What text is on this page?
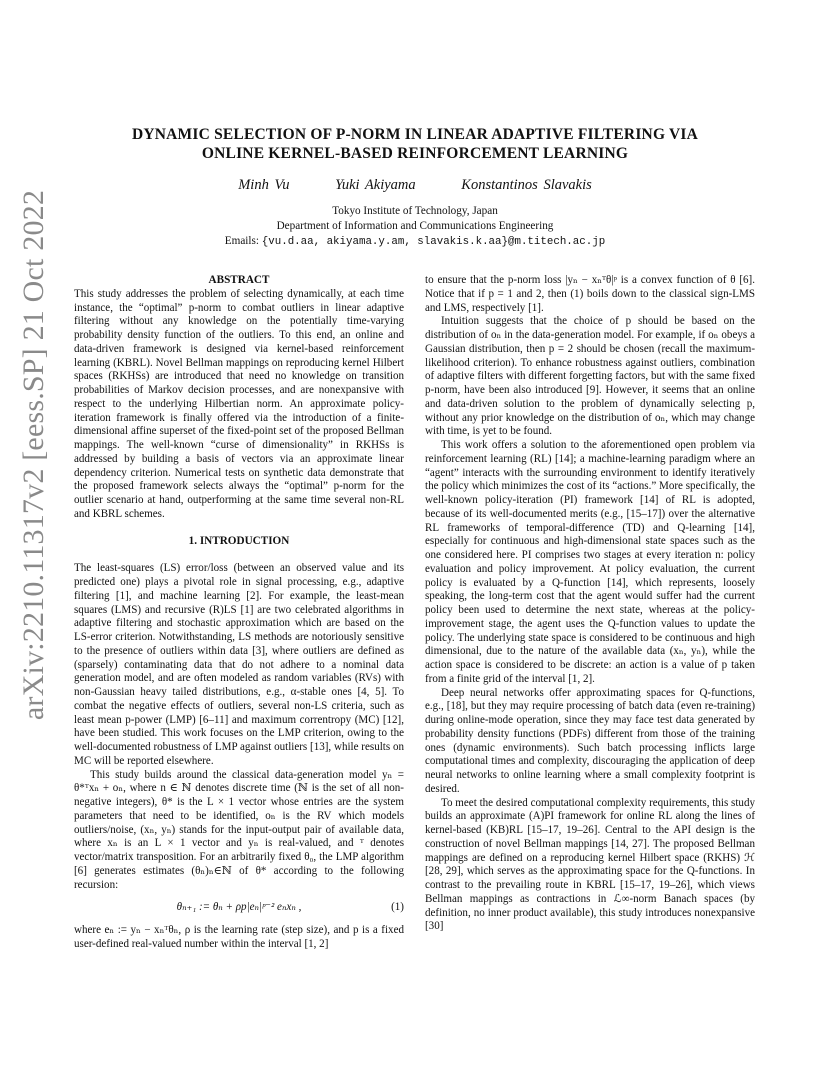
arXiv:2210.11317v2 [eess.SP] 21 Oct 2022
DYNAMIC SELECTION OF P-NORM IN LINEAR ADAPTIVE FILTERING VIA
ONLINE KERNEL-BASED REINFORCEMENT LEARNING
Minh Vu	Yuki Akiyama	Konstantinos Slavakis
Tokyo Institute of Technology, Japan
Department of Information and Communications Engineering
Emails: {vu.d.aa, akiyama.y.am, slavakis.k.aa}@m.titech.ac.jp

ABSTRACT

This study addresses the problem of selecting dynamically, at each time instance, the “optimal” p-norm to combat outliers in linear adaptive filtering without any knowledge on the potentially time-varying probability density function of the outliers. To this end, an online and data-driven framework is designed via kernel-based reinforcement learning (KBRL). Novel Bellman mappings on reproducing kernel Hilbert spaces (RKHSs) are introduced that need no knowledge on transition probabilities of Markov decision processes, and are nonexpansive with respect to the underlying Hilbertian norm. An approximate policy-iteration framework is finally offered via the introduction of a finite-dimensional affine superset of the fixed-point set of the proposed Bellman mappings. The well-known “curse of dimensionality” in RKHSs is addressed by building a basis of vectors via an approximate linear dependency criterion. Numerical tests on synthetic data demonstrate that the proposed framework selects always the “optimal” p-norm for the outlier scenario at hand, outperforming at the same time several non-RL and KBRL schemes.

1. INTRODUCTION

The least-squares (LS) error/loss (between an observed value and its predicted one) plays a pivotal role in signal processing, e.g., adaptive filtering [1], and machine learning [2]. For example, the least-mean squares (LMS) and recursive (R)LS [1] are two celebrated algorithms in adaptive filtering and stochastic approximation which are based on the LS-error criterion. Notwithstanding, LS methods are notoriously sensitive to the presence of outliers within data [3], where outliers are defined as (sparsely) contaminating data that do not adhere to a nominal data generation model, and are often modeled as random variables (RVs) with non-Gaussian heavy tailed distributions, e.g., α-stable ones [4, 5]. To combat the negative effects of outliers, several non-LS criteria, such as least mean p-power (LMP) [6–11] and maximum correntropy (MC) [12], have been studied. This work focuses on the LMP criterion, owing to the well-documented robustness of LMP against outliers [13], while results on MC will be reported elsewhere.

This study builds around the classical data-generation model yₙ = θ*ᵀxₙ + oₙ, where n ∈ ℕ denotes discrete time (ℕ is the set of all non-negative integers), θ* is the L × 1 vector whose entries are the system parameters that need to be identified, oₙ is the RV which models outliers/noise, (xₙ, yₙ) stands for the input-output pair of available data, where xₙ is an L × 1 vector and yₙ is real-valued, and ᵀ denotes vector/matrix transposition. For an arbitrarily fixed θ₀, the LMP algorithm [6] generates estimates (θₙ)ₙ∈ℕ of θ* according to the following recursion:

θₙ₊₁ := θₙ + ρp|eₙ|ᵖ⁻² eₙxₙ ,	(1)

where eₙ := yₙ − xₙᵀθₙ, ρ is the learning rate (step size), and p is a fixed user-defined real-valued number within the interval [1, 2]

to ensure that the p-norm loss |yₙ − xₙᵀθ|ᵖ is a convex function of θ [6]. Notice that if p = 1 and 2, then (1) boils down to the classical sign-LMS and LMS, respectively [1].

Intuition suggests that the choice of p should be based on the distribution of oₙ in the data-generation model. For example, if oₙ obeys a Gaussian distribution, then p = 2 should be chosen (recall the maximum-likelihood criterion). To enhance robustness against outliers, combination of adaptive filters with different forgetting factors, but with the same fixed p-norm, have been also introduced [9]. However, it seems that an online and data-driven solution to the problem of dynamically selecting p, without any prior knowledge on the distribution of oₙ, which may change with time, is yet to be found.

This work offers a solution to the aforementioned open problem via reinforcement learning (RL) [14]; a machine-learning paradigm where an “agent” interacts with the surrounding environment to identify iteratively the policy which minimizes the cost of its “actions.” More specifically, the well-known policy-iteration (PI) framework [14] of RL is adopted, because of its well-documented merits (e.g., [15–17]) over the alternative RL frameworks of temporal-difference (TD) and Q-learning [14], especially for continuous and high-dimensional state spaces such as the one considered here. PI comprises two stages at every iteration n: policy evaluation and policy improvement. At policy evaluation, the current policy is evaluated by a Q-function [14], which represents, loosely speaking, the long-term cost that the agent would suffer had the current policy been used to determine the next state, whereas at the policy-improvement stage, the agent uses the Q-function values to update the policy. The underlying state space is considered to be continuous and high dimensional, due to the nature of the available data (xₙ, yₙ), while the action space is considered to be discrete: an action is a value of p taken from a finite grid of the interval [1, 2].

Deep neural networks offer approximating spaces for Q-functions, e.g., [18], but they may require processing of batch data (even re-training) during online-mode operation, since they may face test data generated by probability density functions (PDFs) different from those of the training ones (dynamic environments). Such batch processing inflicts large computational times and complexity, discouraging the application of deep neural networks to online learning where a small complexity footprint is desired.

To meet the desired computational complexity requirements, this study builds an approximate (A)PI framework for online RL along the lines of kernel-based (KB)RL [15–17, 19–26]. Central to the API design is the construction of novel Bellman mappings [14, 27]. The proposed Bellman mappings are defined on a reproducing kernel Hilbert space (RKHS) ℋ [28, 29], which serves as the approximating space for the Q-functions. In contrast to the prevailing route in KBRL [15–17, 19–26], which views Bellman mappings as contractions in ℒ∞-norm Banach spaces (by definition, no inner product available), this study introduces nonexpansive [30]
